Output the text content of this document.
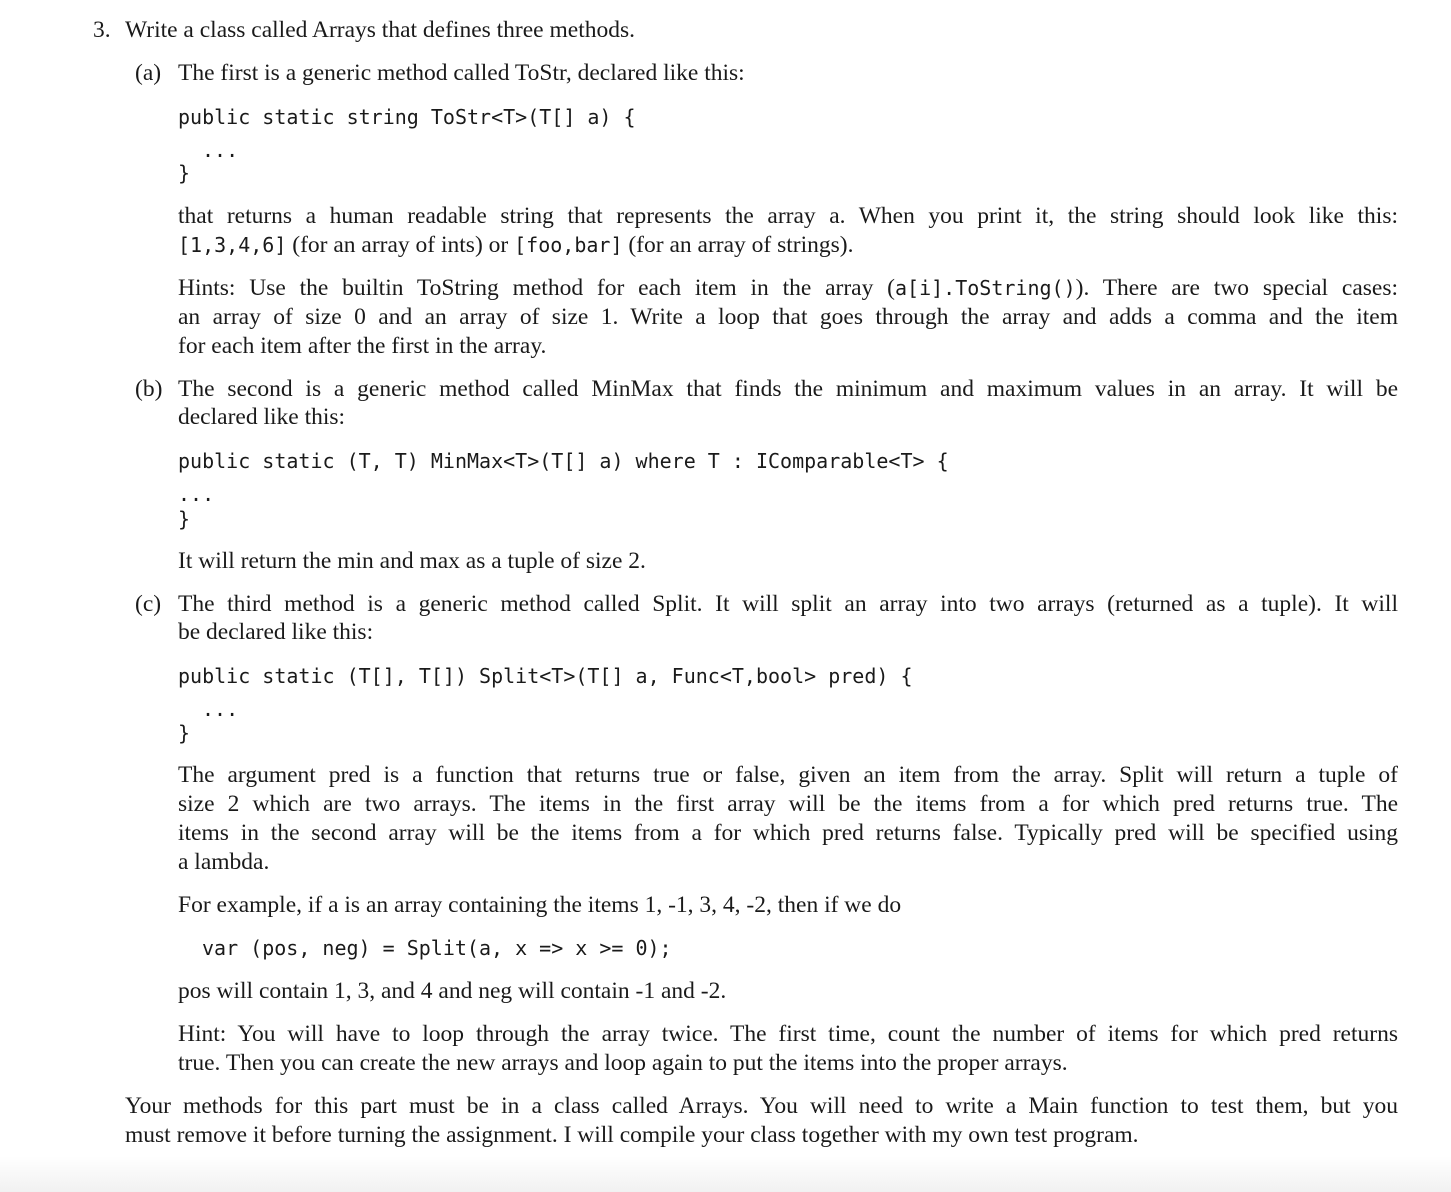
3. Write a class called Arrays that defines three methods.
(a) The first is a generic method called ToStr, declared like this:
public static string ToStr<T>(T[] a) {
...
}
that returns a human readable string that represents the array a. When you print it, the string should look like this:
[1,3,4,6] (for an array of ints) or [foo,bar] (for an array of strings).
Hints: Use the builtin ToString method for each item in the array (a[i].ToString()). There are two special cases:
an array of size 0 and an array of size 1. Write a loop that goes through the array and adds a comma and the item
for each item after the first in the array.
(b) The second is a generic method called MinMax that finds the minimum and maximum values in an array. It will be
declared like this:
public static (T, T) MinMax<T>(T[] a) where T : IComparable<T> {
...
}
It will return the min and max as a tuple of size 2.
(c) The third method is a generic method called Split. It will split an array into two arrays (returned as a tuple). It will
be declared like this:
public static (T[], T[]) Split<T>(T[] a, Func<T,bool> pred) {
...
}
The argument pred is a function that returns true or false, given an item from the array. Split will return a tuple of
size 2 which are two arrays. The items in the first array will be the items from a for which pred returns true. The
items in the second array will be the items from a for which pred returns false. Typically pred will be specified using
a lambda.
For example, if a is an array containing the items 1, -1, 3, 4, -2, then if we do
var (pos, neg) = Split(a, x => x >= 0);
pos will contain 1, 3, and 4 and neg will contain -1 and -2.
Hint: You will have to loop through the array twice. The first time, count the number of items for which pred returns
true. Then you can create the new arrays and loop again to put the items into the proper arrays.
Your methods for this part must be in a class called Arrays. You will need to write a Main function to test them, but you
must remove it before turning the assignment. I will compile your class together with my own test program.
